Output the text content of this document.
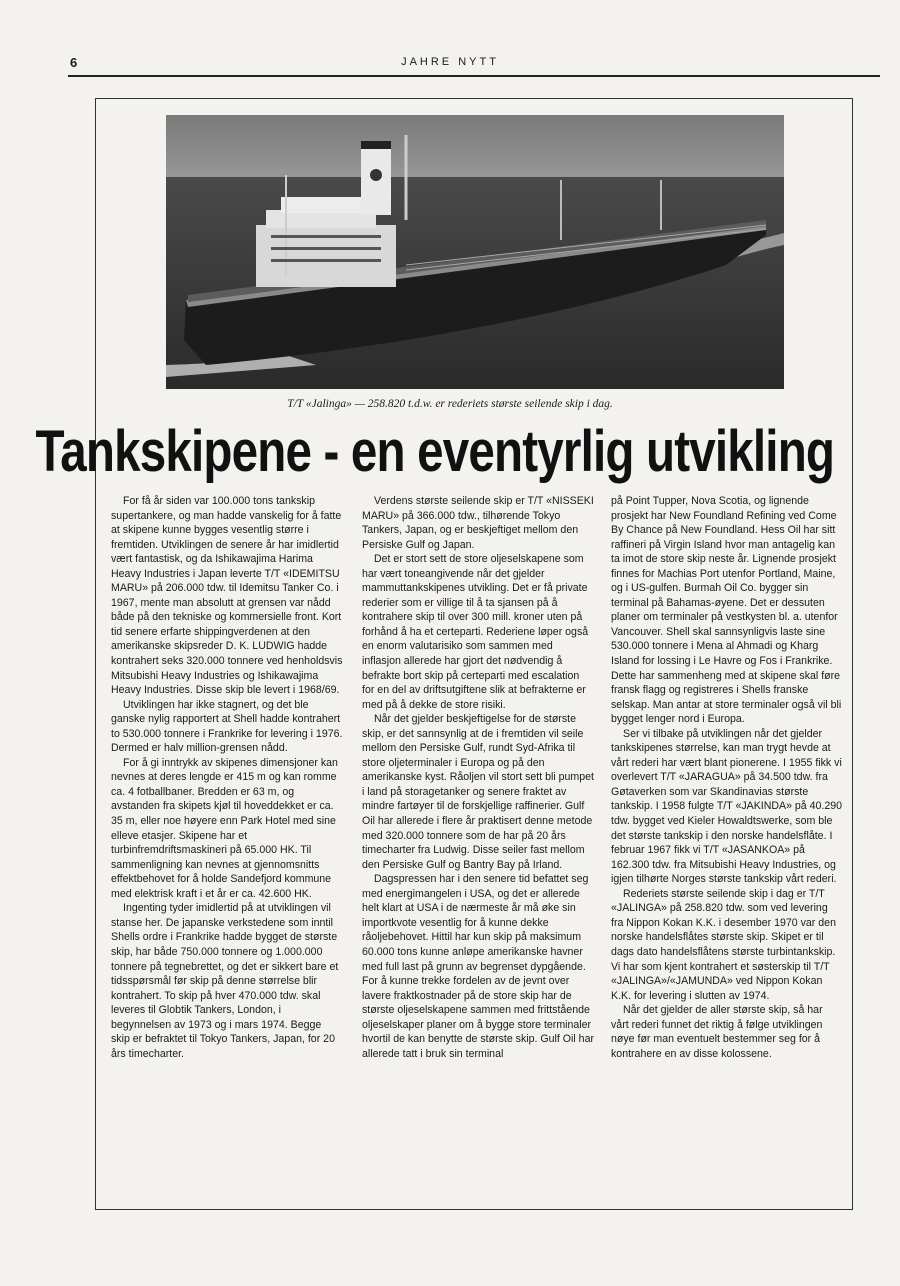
6	JAHRE NYTT
T/T «Jalinga» — 258.820 t.d.w. er rederiets største seilende skip i dag.
Tankskipene - en eventyrlig utvikling

For få år siden var 100.000 tons tankskip supertankere, og man hadde vanskelig for å fatte at skipene kunne bygges vesentlig større i fremtiden. Utviklingen de senere år har imidlertid vært fantastisk, og da Ishikawajima Harima Heavy Industries i Japan leverte T/T «IDEMITSU MARU» på 206.000 tdw. til Idemitsu Tanker Co. i 1967, mente man absolutt at grensen var nådd både på den tekniske og kommersielle front. Kort tid senere erfarte shippingverdenen at den amerikanske skipsreder D. K. LUDWIG hadde kontrahert seks 320.000 tonnere ved henholdsvis Mitsubishi Heavy Industries og Ishikawajima Heavy Industries. Disse skip ble levert i 1968/69.

Utviklingen har ikke stagnert, og det ble ganske nylig rapportert at Shell hadde kontrahert to 530.000 tonnere i Frankrike for levering i 1976. Dermed er halv million-grensen nådd.

For å gi inntrykk av skipenes dimensjoner kan nevnes at deres lengde er 415 m og kan romme ca. 4 fotballbaner. Bredden er 63 m, og avstanden fra skipets kjøl til hoveddekket er ca. 35 m, eller noe høyere enn Park Hotel med sine elleve etasjer. Skipene har et turbinfremdriftsmaskineri på 65.000 HK. Til sammenligning kan nevnes at gjennomsnitts effektbehovet for å holde Sandefjord kommune med elektrisk kraft i et år er ca. 42.600 HK.

Ingenting tyder imidlertid på at utviklingen vil stanse her. De japanske verkstedene som inntil Shells ordre i Frankrike hadde bygget de største skip, har både 750.000 tonnere og 1.000.000 tonnere på tegnebrettet, og det er sikkert bare et tidsspørsmål før skip på denne størrelse blir kontrahert. To skip på hver 470.000 tdw. skal leveres til Globtik Tankers, London, i begynnelsen av 1973 og i mars 1974. Begge skip er befraktet til Tokyo Tankers, Japan, for 20 års timecharter.

Verdens største seilende skip er T/T «NISSEKI MARU» på 366.000 tdw., tilhørende Tokyo Tankers, Japan, og er beskjeftiget mellom den Persiske Gulf og Japan.

Det er stort sett de store oljeselskapene som har vært toneangivende når det gjelder mammuttankskipenes utvikling. Det er få private rederier som er villige til å ta sjansen på å kontrahere skip til over 300 mill. kroner uten på forhånd å ha et certeparti. Rederiene løper også en enorm valutarisiko som sammen med inflasjon allerede har gjort det nødvendig å befrakte bort skip på certeparti med escalation for en del av driftsutgiftene slik at befrakterne er med på å dekke de store risiki.

Når det gjelder beskjeftigelse for de største skip, er det sannsynlig at de i fremtiden vil seile mellom den Persiske Gulf, rundt Syd-Afrika til store oljeterminaler i Europa og på den amerikanske kyst. Råoljen vil stort sett bli pumpet i land på storagetanker og senere fraktet av mindre fartøyer til de forskjellige raffinerier. Gulf Oil har allerede i flere år praktisert denne metode med 320.000 tonnere som de har på 20 års timecharter fra Ludwig. Disse seiler fast mellom den Persiske Gulf og Bantry Bay på Irland.

Dagspressen har i den senere tid befattet seg med energimangelen i USA, og det er allerede helt klart at USA i de nærmeste år må øke sin importkvote vesentlig for å kunne dekke råoljebehovet. Hittil har kun skip på maksimum 60.000 tons kunne anløpe amerikanske havner med full last på grunn av begrenset dypgående. For å kunne trekke fordelen av de jevnt over lavere fraktkostnader på de store skip har de største oljeselskapene sammen med frittstående oljeselskaper planer om å bygge store terminaler hvortil de kan benytte de største skip. Gulf Oil har allerede tatt i bruk sin terminal

på Point Tupper, Nova Scotia, og lignende prosjekt har New Foundland Refining ved Come By Chance på New Foundland. Hess Oil har sitt raffineri på Virgin Island hvor man antagelig kan ta imot de store skip neste år. Lignende prosjekt finnes for Machias Port utenfor Portland, Maine, og i US-gulfen. Burmah Oil Co. bygger sin terminal på Bahamas-øyene. Det er dessuten planer om terminaler på vestkysten bl. a. utenfor Vancouver. Shell skal sannsynligvis laste sine 530.000 tonnere i Mena al Ahmadi og Kharg Island for lossing i Le Havre og Fos i Frankrike. Dette har sammenheng med at skipene skal føre fransk flagg og registreres i Shells franske selskap. Man antar at store terminaler også vil bli bygget lenger nord i Europa.

Ser vi tilbake på utviklingen når det gjelder tankskipenes størrelse, kan man trygt hevde at vårt rederi har vært blant pionerene. I 1955 fikk vi overlevert T/T «JARAGUA» på 34.500 tdw. fra Gøtaverken som var Skandinavias største tankskip. I 1958 fulgte T/T «JAKINDA» på 40.290 tdw. bygget ved Kieler Howaldtswerke, som ble det største tankskip i den norske handelsflåte. I februar 1967 fikk vi T/T «JASANKOA» på 162.300 tdw. fra Mitsubishi Heavy Industries, og igjen tilhørte Norges største tankskip vårt rederi.

Rederiets største seilende skip i dag er T/T «JALINGA» på 258.820 tdw. som ved levering fra Nippon Kokan K.K. i desember 1970 var den norske handelsflåtes største skip. Skipet er til dags dato handelsflåtens største turbintankskip. Vi har som kjent kontrahert et søsterskip til T/T «JALINGA»/«JAMUNDA» ved Nippon Kokan K.K. for levering i slutten av 1974.

Når det gjelder de aller største skip, så har vårt rederi funnet det riktig å følge utviklingen nøye før man eventuelt bestemmer seg for å kontrahere en av disse kolossene.
